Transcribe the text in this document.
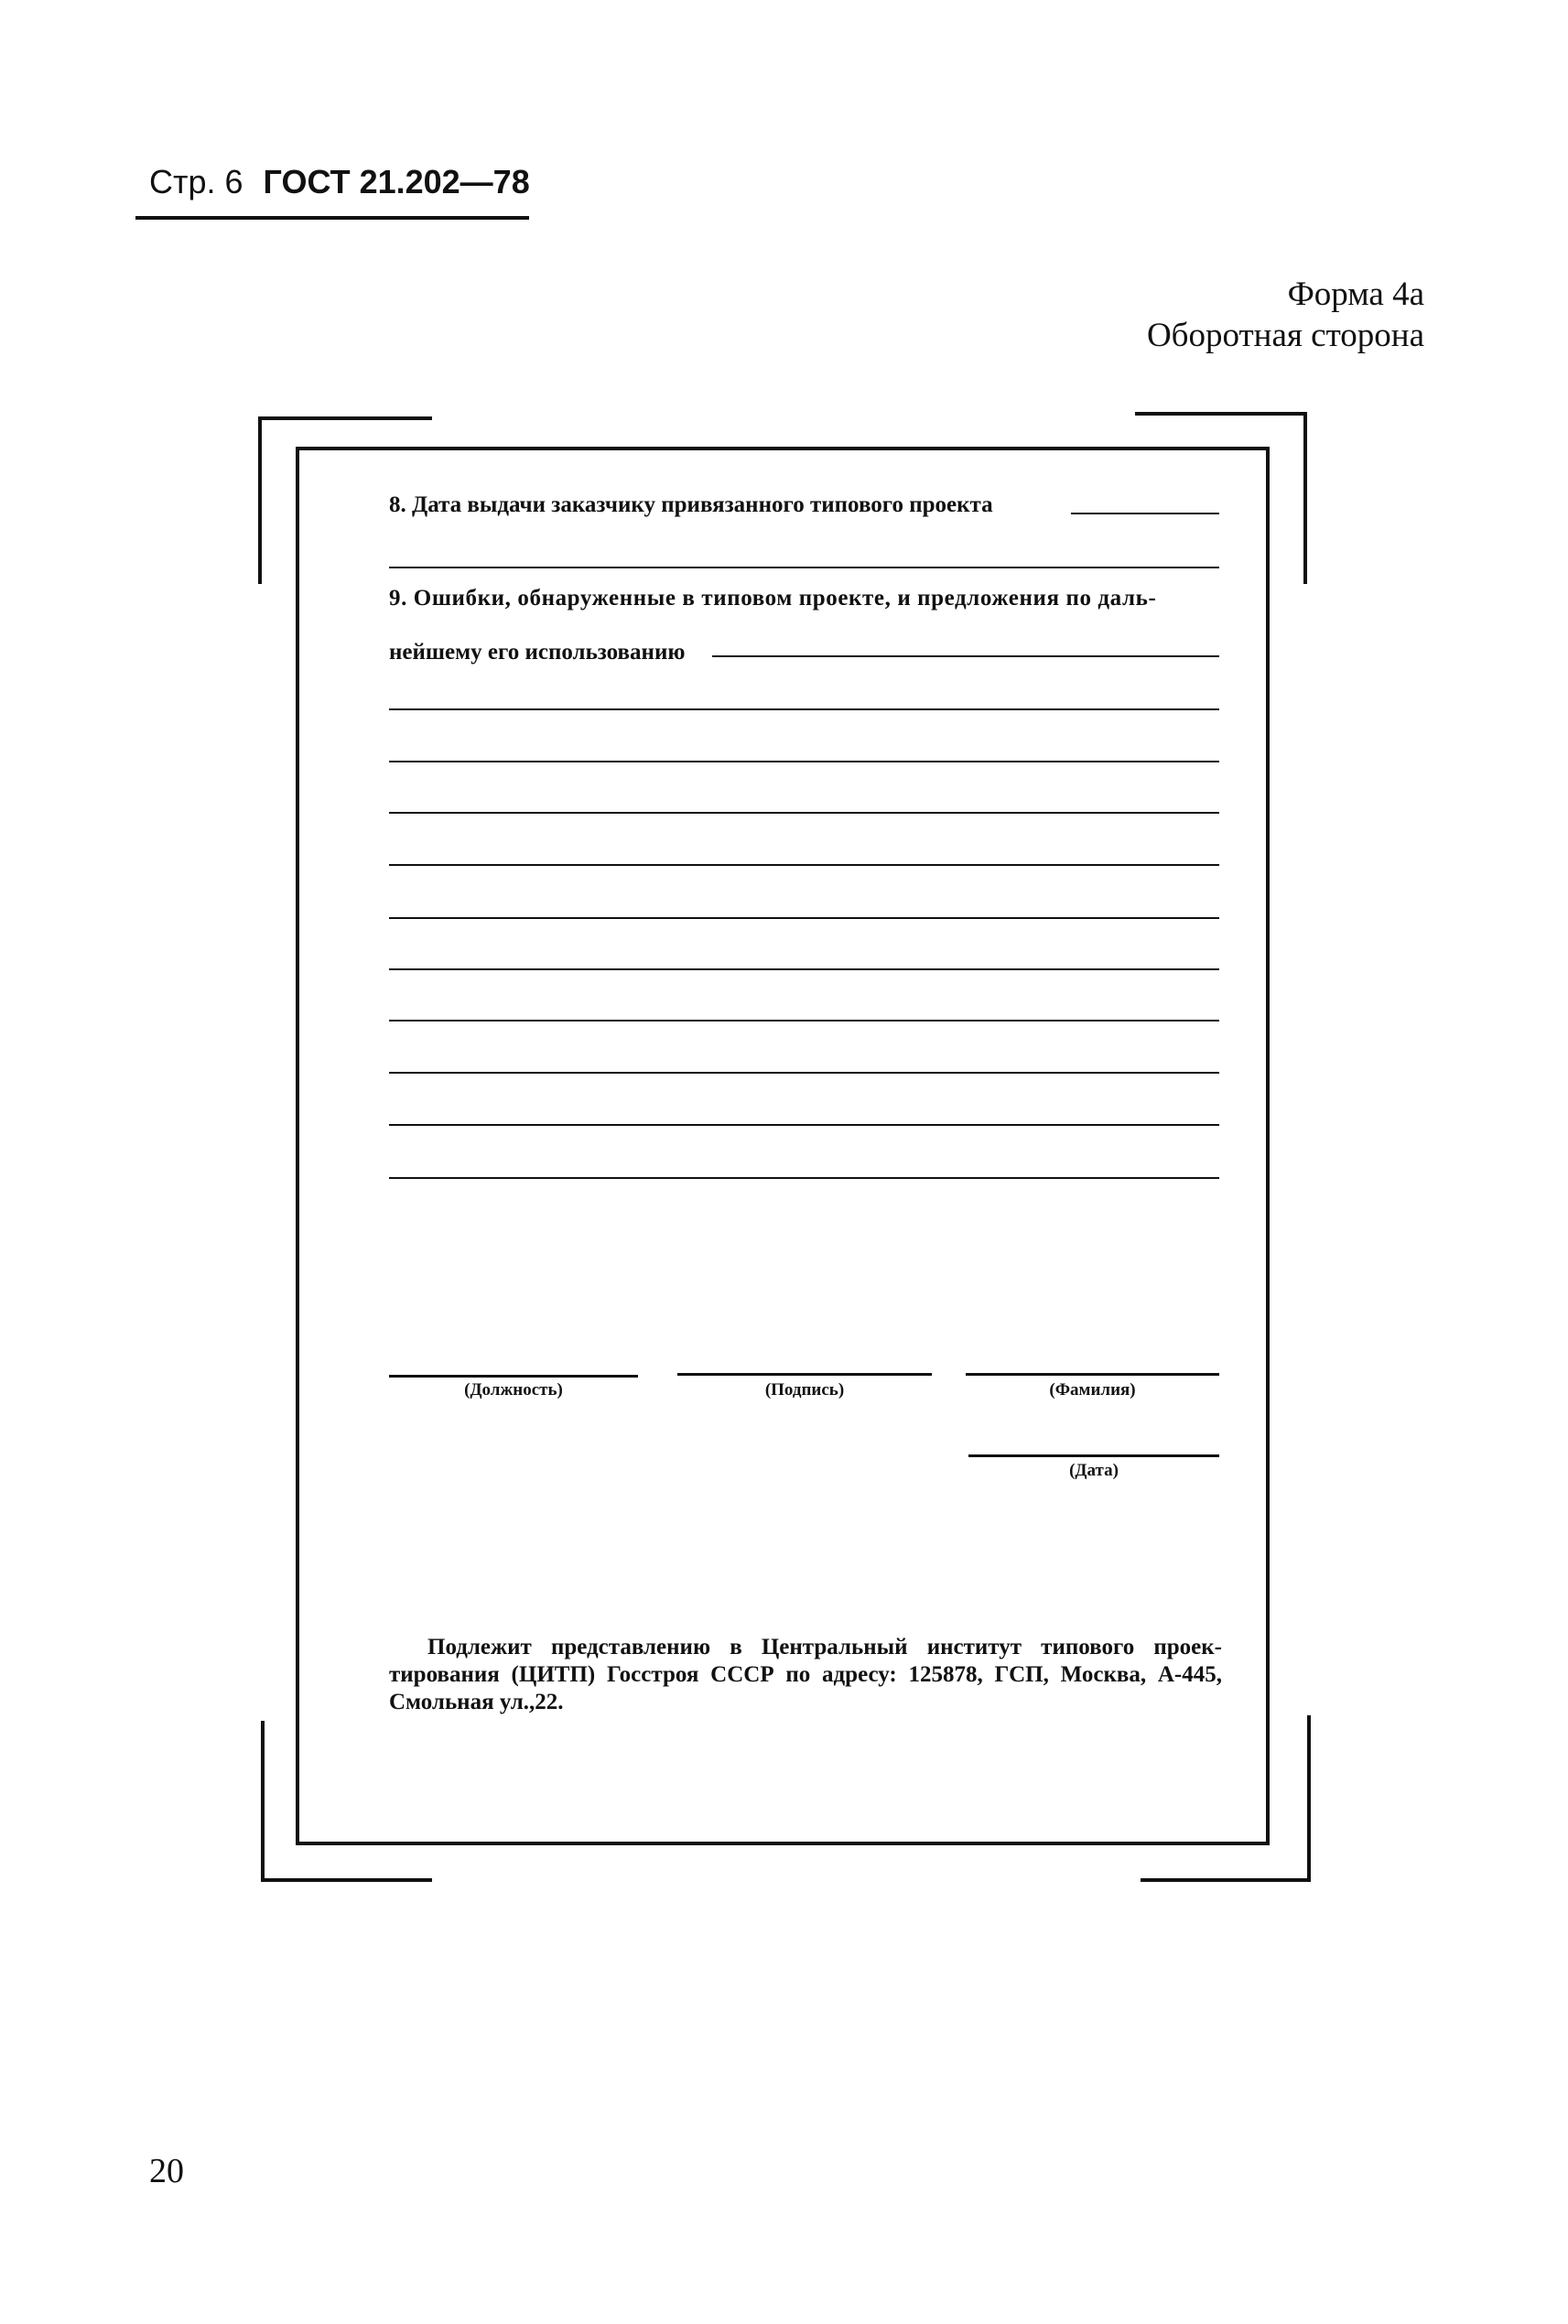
Стр. 6 ГОСТ 21.202—78
Форма 4а
Оборотная сторона
8. Дата выдачи заказчику привязанного типового проекта
9. Ошибки, обнаруженные в типовом проекте, и предложения по даль-
нейшему его использованию
(Должность)	(Подпись)	(Фамилия)
(Дата)
Подлежит представлению в Центральный институт типового проектирования (ЦИТП) Госстроя СССР по адресу: 125878, ГСП, Москва, А-445, Смольная ул.,22.
20
